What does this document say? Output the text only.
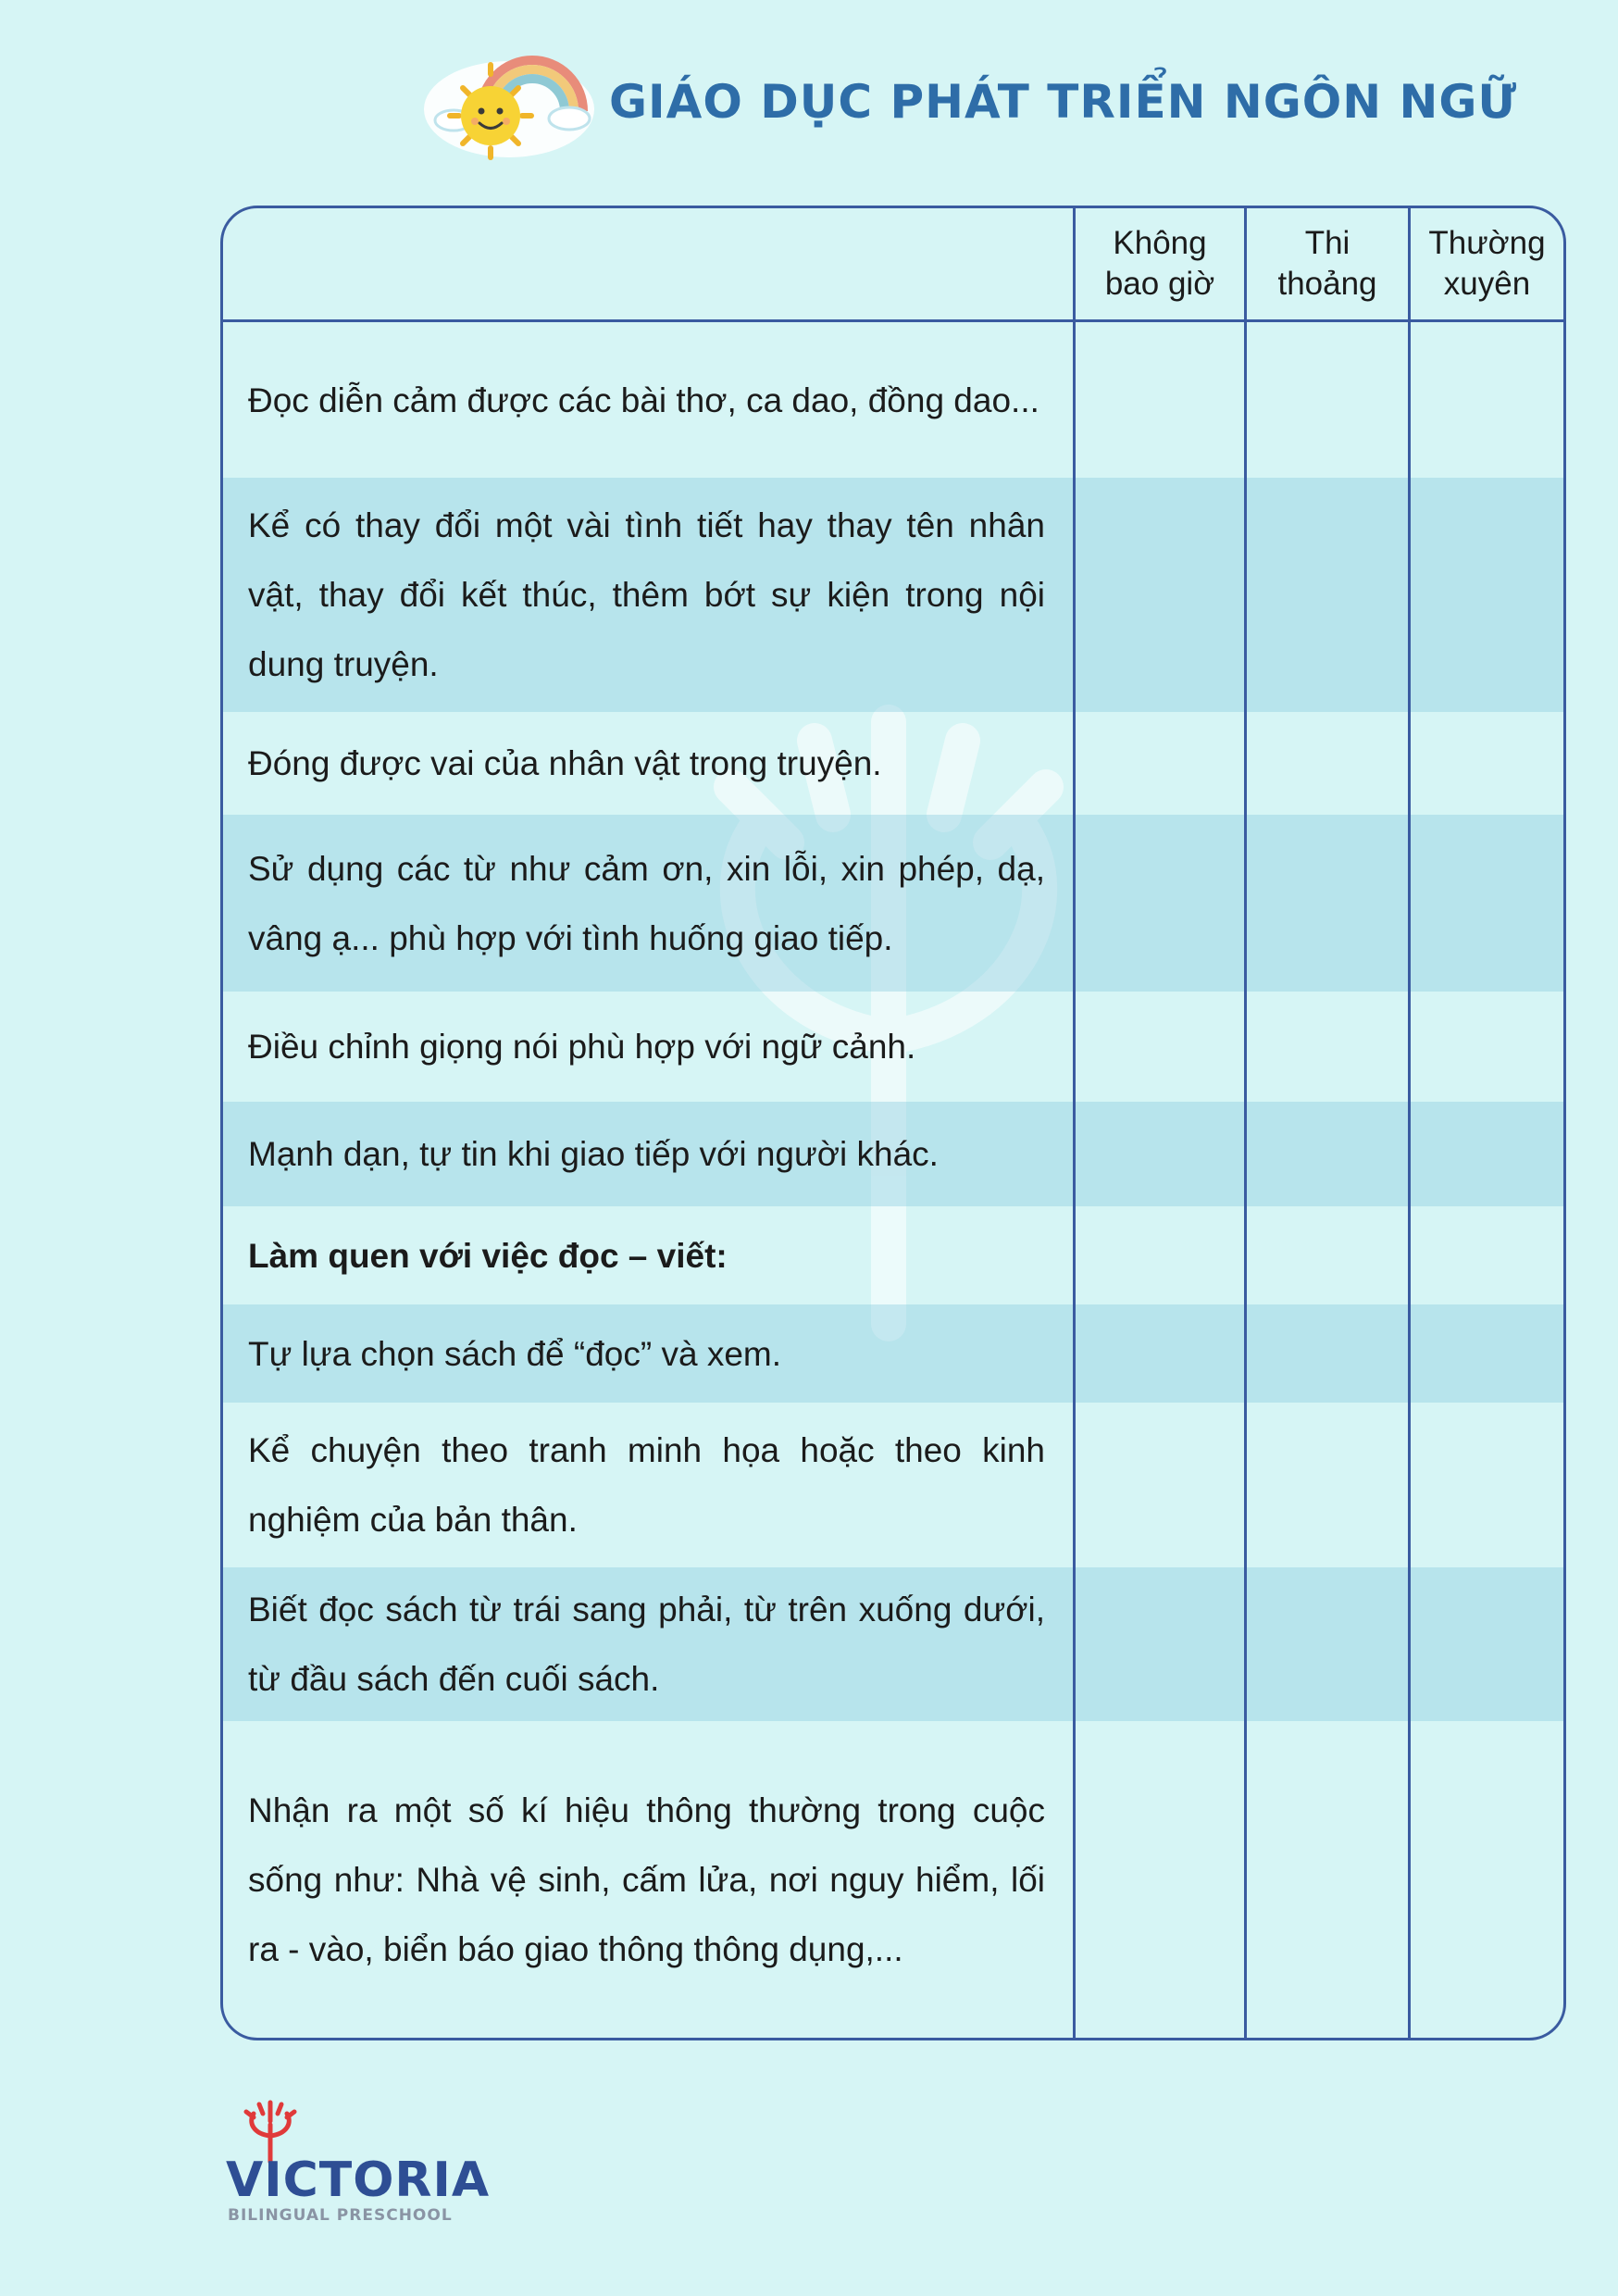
GIÁO DỤC PHÁT TRIỂN NGÔN NGỮ
Không bao giờ
Thi thoảng
Thường xuyên
Đọc diễn cảm được các bài thơ, ca dao, đồng dao...
Kể có thay đổi một vài tình tiết hay thay tên nhân vật, thay đổi kết thúc, thêm bớt sự kiện trong nội dung truyện.
Đóng được vai của nhân vật trong truyện.
Sử dụng các từ như cảm ơn, xin lỗi, xin phép, dạ, vâng ạ... phù hợp với tình huống giao tiếp.
Điều chỉnh giọng nói phù hợp với ngữ cảnh.
Mạnh dạn, tự tin khi giao tiếp với người khác.
Làm quen với việc đọc – viết:
Tự lựa chọn sách để “đọc” và xem.
Kể chuyện theo tranh minh họa hoặc theo kinh nghiệm của bản thân.
Biết đọc sách từ trái sang phải, từ trên xuống dưới, từ đầu sách đến cuối sách.
Nhận ra một số kí hiệu thông thường trong cuộc sống như: Nhà vệ sinh, cấm lửa, nơi nguy hiểm, lối ra - vào, biển báo giao thông thông dụng,...
VICTORIA
BILINGUAL PRESCHOOL
